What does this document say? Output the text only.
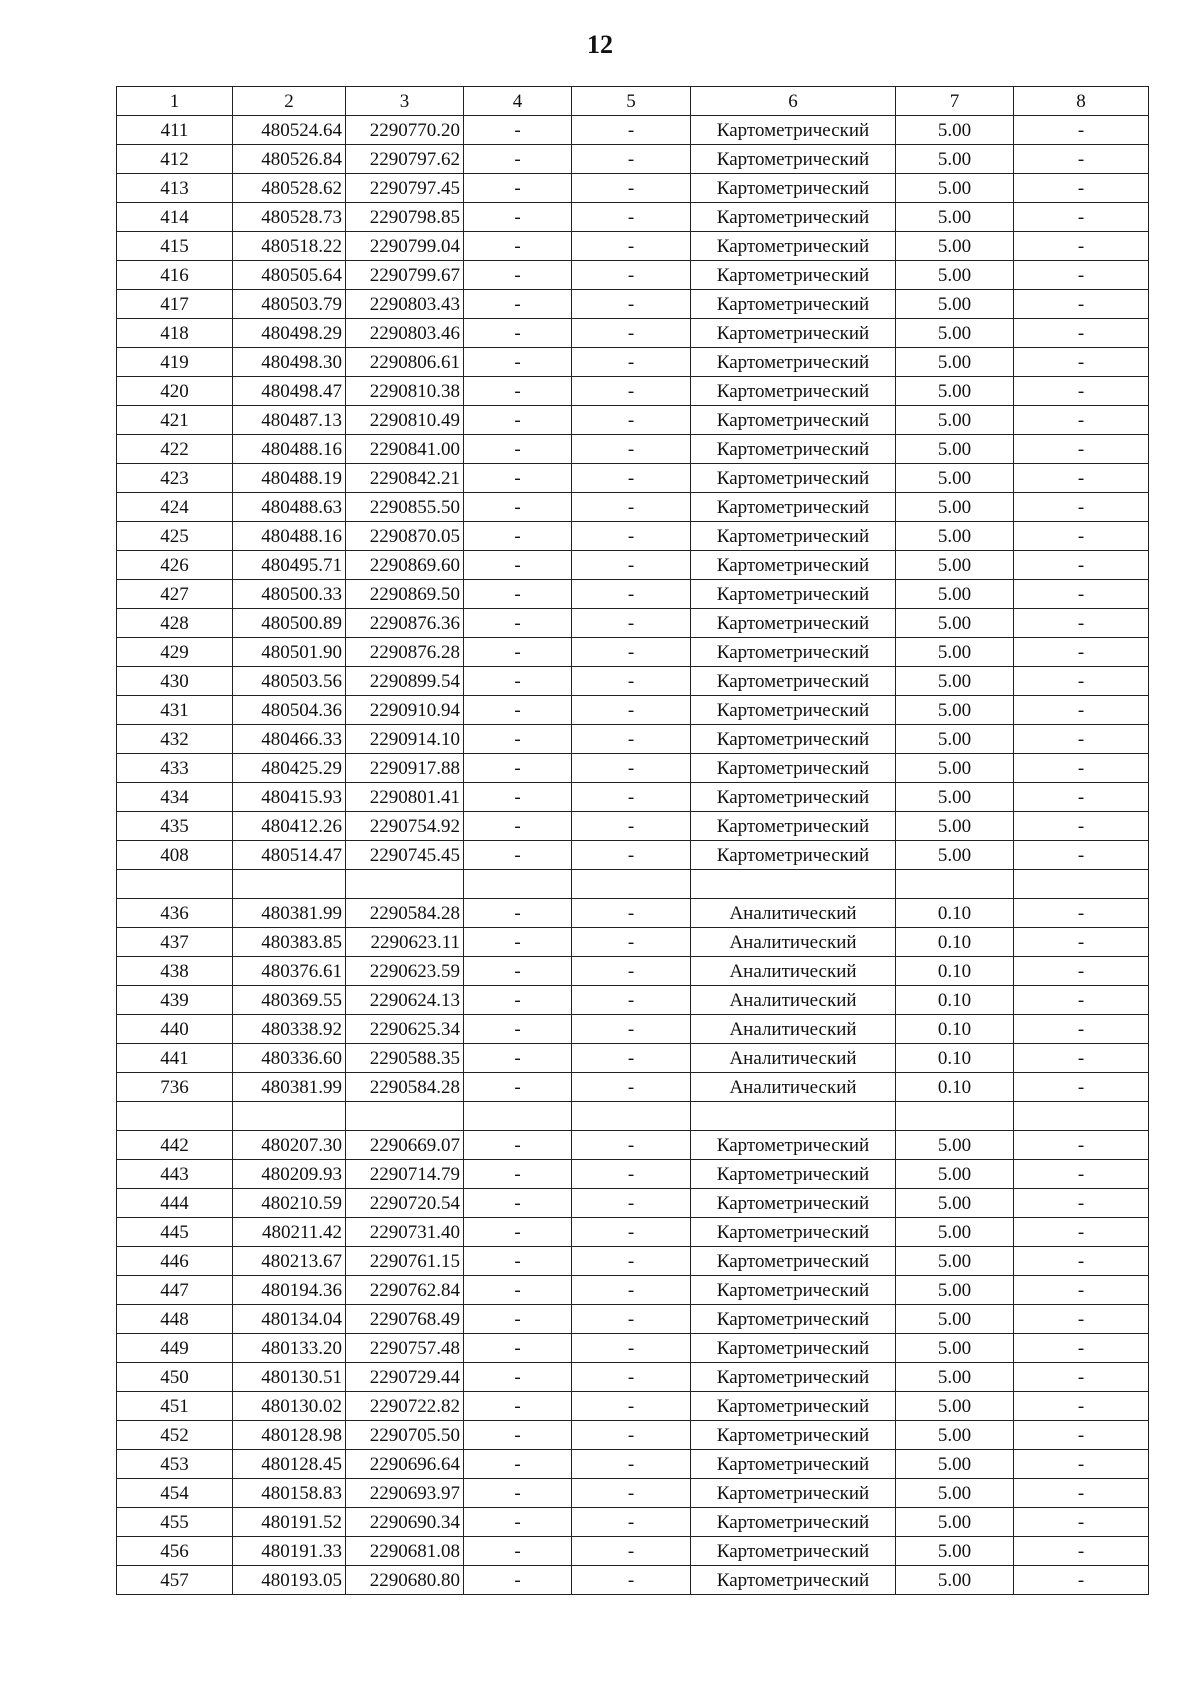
12
1	2	3	4	5	6	7	8
411	480524.64	2290770.20	-	-	Картометрический	5.00	-
412	480526.84	2290797.62	-	-	Картометрический	5.00	-
413	480528.62	2290797.45	-	-	Картометрический	5.00	-
414	480528.73	2290798.85	-	-	Картометрический	5.00	-
415	480518.22	2290799.04	-	-	Картометрический	5.00	-
416	480505.64	2290799.67	-	-	Картометрический	5.00	-
417	480503.79	2290803.43	-	-	Картометрический	5.00	-
418	480498.29	2290803.46	-	-	Картометрический	5.00	-
419	480498.30	2290806.61	-	-	Картометрический	5.00	-
420	480498.47	2290810.38	-	-	Картометрический	5.00	-
421	480487.13	2290810.49	-	-	Картометрический	5.00	-
422	480488.16	2290841.00	-	-	Картометрический	5.00	-
423	480488.19	2290842.21	-	-	Картометрический	5.00	-
424	480488.63	2290855.50	-	-	Картометрический	5.00	-
425	480488.16	2290870.05	-	-	Картометрический	5.00	-
426	480495.71	2290869.60	-	-	Картометрический	5.00	-
427	480500.33	2290869.50	-	-	Картометрический	5.00	-
428	480500.89	2290876.36	-	-	Картометрический	5.00	-
429	480501.90	2290876.28	-	-	Картометрический	5.00	-
430	480503.56	2290899.54	-	-	Картометрический	5.00	-
431	480504.36	2290910.94	-	-	Картометрический	5.00	-
432	480466.33	2290914.10	-	-	Картометрический	5.00	-
433	480425.29	2290917.88	-	-	Картометрический	5.00	-
434	480415.93	2290801.41	-	-	Картометрический	5.00	-
435	480412.26	2290754.92	-	-	Картометрический	5.00	-
408	480514.47	2290745.45	-	-	Картометрический	5.00	-

436	480381.99	2290584.28	-	-	Аналитический	0.10	-
437	480383.85	2290623.11	-	-	Аналитический	0.10	-
438	480376.61	2290623.59	-	-	Аналитический	0.10	-
439	480369.55	2290624.13	-	-	Аналитический	0.10	-
440	480338.92	2290625.34	-	-	Аналитический	0.10	-
441	480336.60	2290588.35	-	-	Аналитический	0.10	-
736	480381.99	2290584.28	-	-	Аналитический	0.10	-

442	480207.30	2290669.07	-	-	Картометрический	5.00	-
443	480209.93	2290714.79	-	-	Картометрический	5.00	-
444	480210.59	2290720.54	-	-	Картометрический	5.00	-
445	480211.42	2290731.40	-	-	Картометрический	5.00	-
446	480213.67	2290761.15	-	-	Картометрический	5.00	-
447	480194.36	2290762.84	-	-	Картометрический	5.00	-
448	480134.04	2290768.49	-	-	Картометрический	5.00	-
449	480133.20	2290757.48	-	-	Картометрический	5.00	-
450	480130.51	2290729.44	-	-	Картометрический	5.00	-
451	480130.02	2290722.82	-	-	Картометрический	5.00	-
452	480128.98	2290705.50	-	-	Картометрический	5.00	-
453	480128.45	2290696.64	-	-	Картометрический	5.00	-
454	480158.83	2290693.97	-	-	Картометрический	5.00	-
455	480191.52	2290690.34	-	-	Картометрический	5.00	-
456	480191.33	2290681.08	-	-	Картометрический	5.00	-
457	480193.05	2290680.80	-	-	Картометрический	5.00	-
